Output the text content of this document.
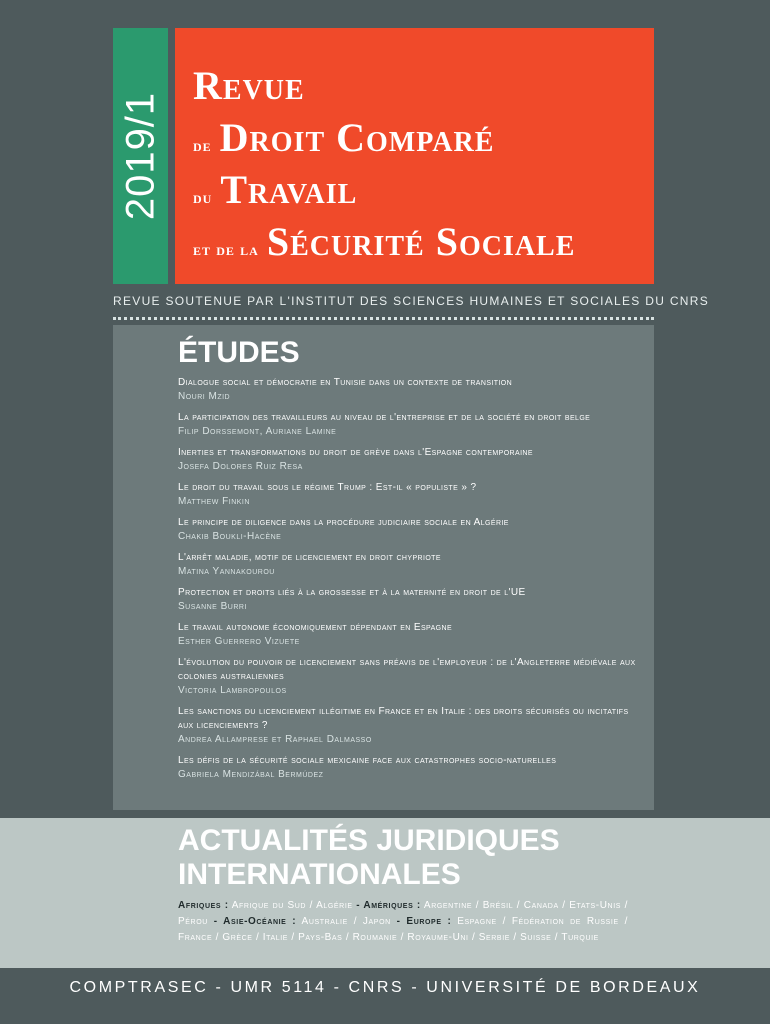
2019/1
Revue
de Droit Comparé
du Travail
et de la Sécurité Sociale
REVUE SOUTENUE PAR L'INSTITUT DES SCIENCES HUMAINES ET SOCIALES DU CNRS
ÉTUDES
Dialogue social et démocratie en Tunisie dans un contexte de transition
Nouri Mzid
La participation des travailleurs au niveau de l'entreprise et de la société en droit belge
Filip Dorssemont, Auriane Lamine
Inerties et transformations du droit de grève dans l'Espagne contemporaine
Josefa Dolores Ruiz Resa
Le droit du travail sous le régime Trump : Est-il « populiste » ?
Matthew Finkin
Le principe de diligence dans la procédure judiciaire sociale en Algérie
Chakib Boukli-Hacène
L'arrêt maladie, motif de licenciement en droit chypriote
Matina Yannakourou
Protection et droits liés à la grossesse et à la maternité en droit de l'UE
Susanne Burri
Le travail autonome économiquement dépendant en Espagne
Esther Guerrero Vizuete
L'évolution du pouvoir de licenciement sans préavis de l'employeur : de l'Angleterre médiévale aux colonies australiennes
Victoria Lambropoulos
Les sanctions du licenciement illégitime en France et en Italie : des droits sécurisés ou incitatifs aux licenciements ?
Andrea Allamprese et Raphael Dalmasso
Les défis de la sécurité sociale mexicaine face aux catastrophes socio-naturelles
Gabriela Mendizábal Bermúdez
ACTUALITÉS JURIDIQUES INTERNATIONALES
Afriques : Afrique du Sud / Algérie - Amériques : Argentine / Brésil / Canada / Etats-Unis / Pérou - Asie-Océanie : Australie / Japon - Europe : Espagne / Fédération de Russie / France / Grèce / Italie / Pays-Bas / Roumanie / Royaume-Uni / Serbie / Suisse / Turquie
COMPTRASEC - UMR 5114 - CNRS - UNIVERSITÉ DE BORDEAUX
